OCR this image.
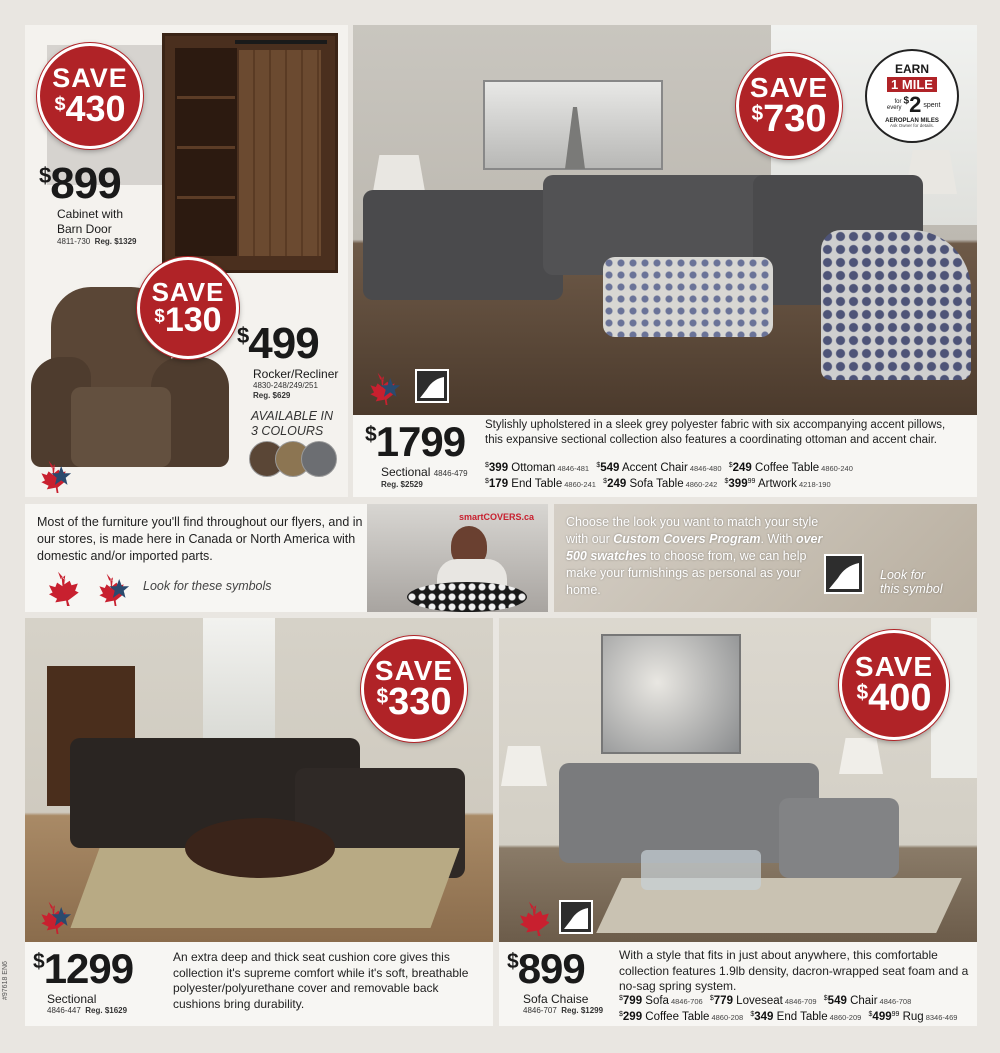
SAVE
$430
$899
Cabinet with
Barn Door
4811-730 Reg. $1329
SAVE
$130 $499
Rocker/Recliner
4830-248/249/251
Reg. $629
AVAILABLE IN
3 COLOURS
SAVE
$730
EARN
1 MILE
for every
$2 spent
AEROPLAN MILES
Ask Owner for details.
$1799
Sectional 4846-479
Reg. $2529
Stylishly upholstered in a sleek grey polyester fabric with six accompanying accent pillows, this expansive sectional collection also features a coordinating ottoman and accent chair.
$399 Ottoman 4846-481 $549 Accent Chair 4846-480 $249 Coffee Table 4860-240
$179 End Table 4860-241 $249 Sofa Table 4860-242 $^{\$}399^{99}$ Artwork 4218-190
Most of the furniture you'll find throughout our flyers, and in our stores, is made here in Canada or North America with domestic and/or imported parts.
Look for these symbols
smartCOVERS.ca	Choose the look you want to match your style with our Custom Covers Program. With over 500 swatches to choose from, we can help make your furnishings as personal as your home.
Look for
this symbol
SAVE
$330
$1299
Sectional
4846-447 Reg. $1629
An extra deep and thick seat cushion core gives this collection it's supreme comfort while it's soft, breathable polyester/polyurethane cover and removable back cushions bring durability.
SAVE
$400
$899
Sofa Chaise
4846-707 Reg. $1299
With a style that fits in just about anywhere, this comfortable collection features 1.9lb density, dacron-wrapped seat foam and a no-sag spring system.
$799 Sofa 4846-706 $779 Loveseat 4846-709 $549 Chair 4846-708
$299 Coffee Table 4860-208 $349 End Table 4860-209 $^{\$}499^{99}$ Rug 8346-469
#97618 EN6
